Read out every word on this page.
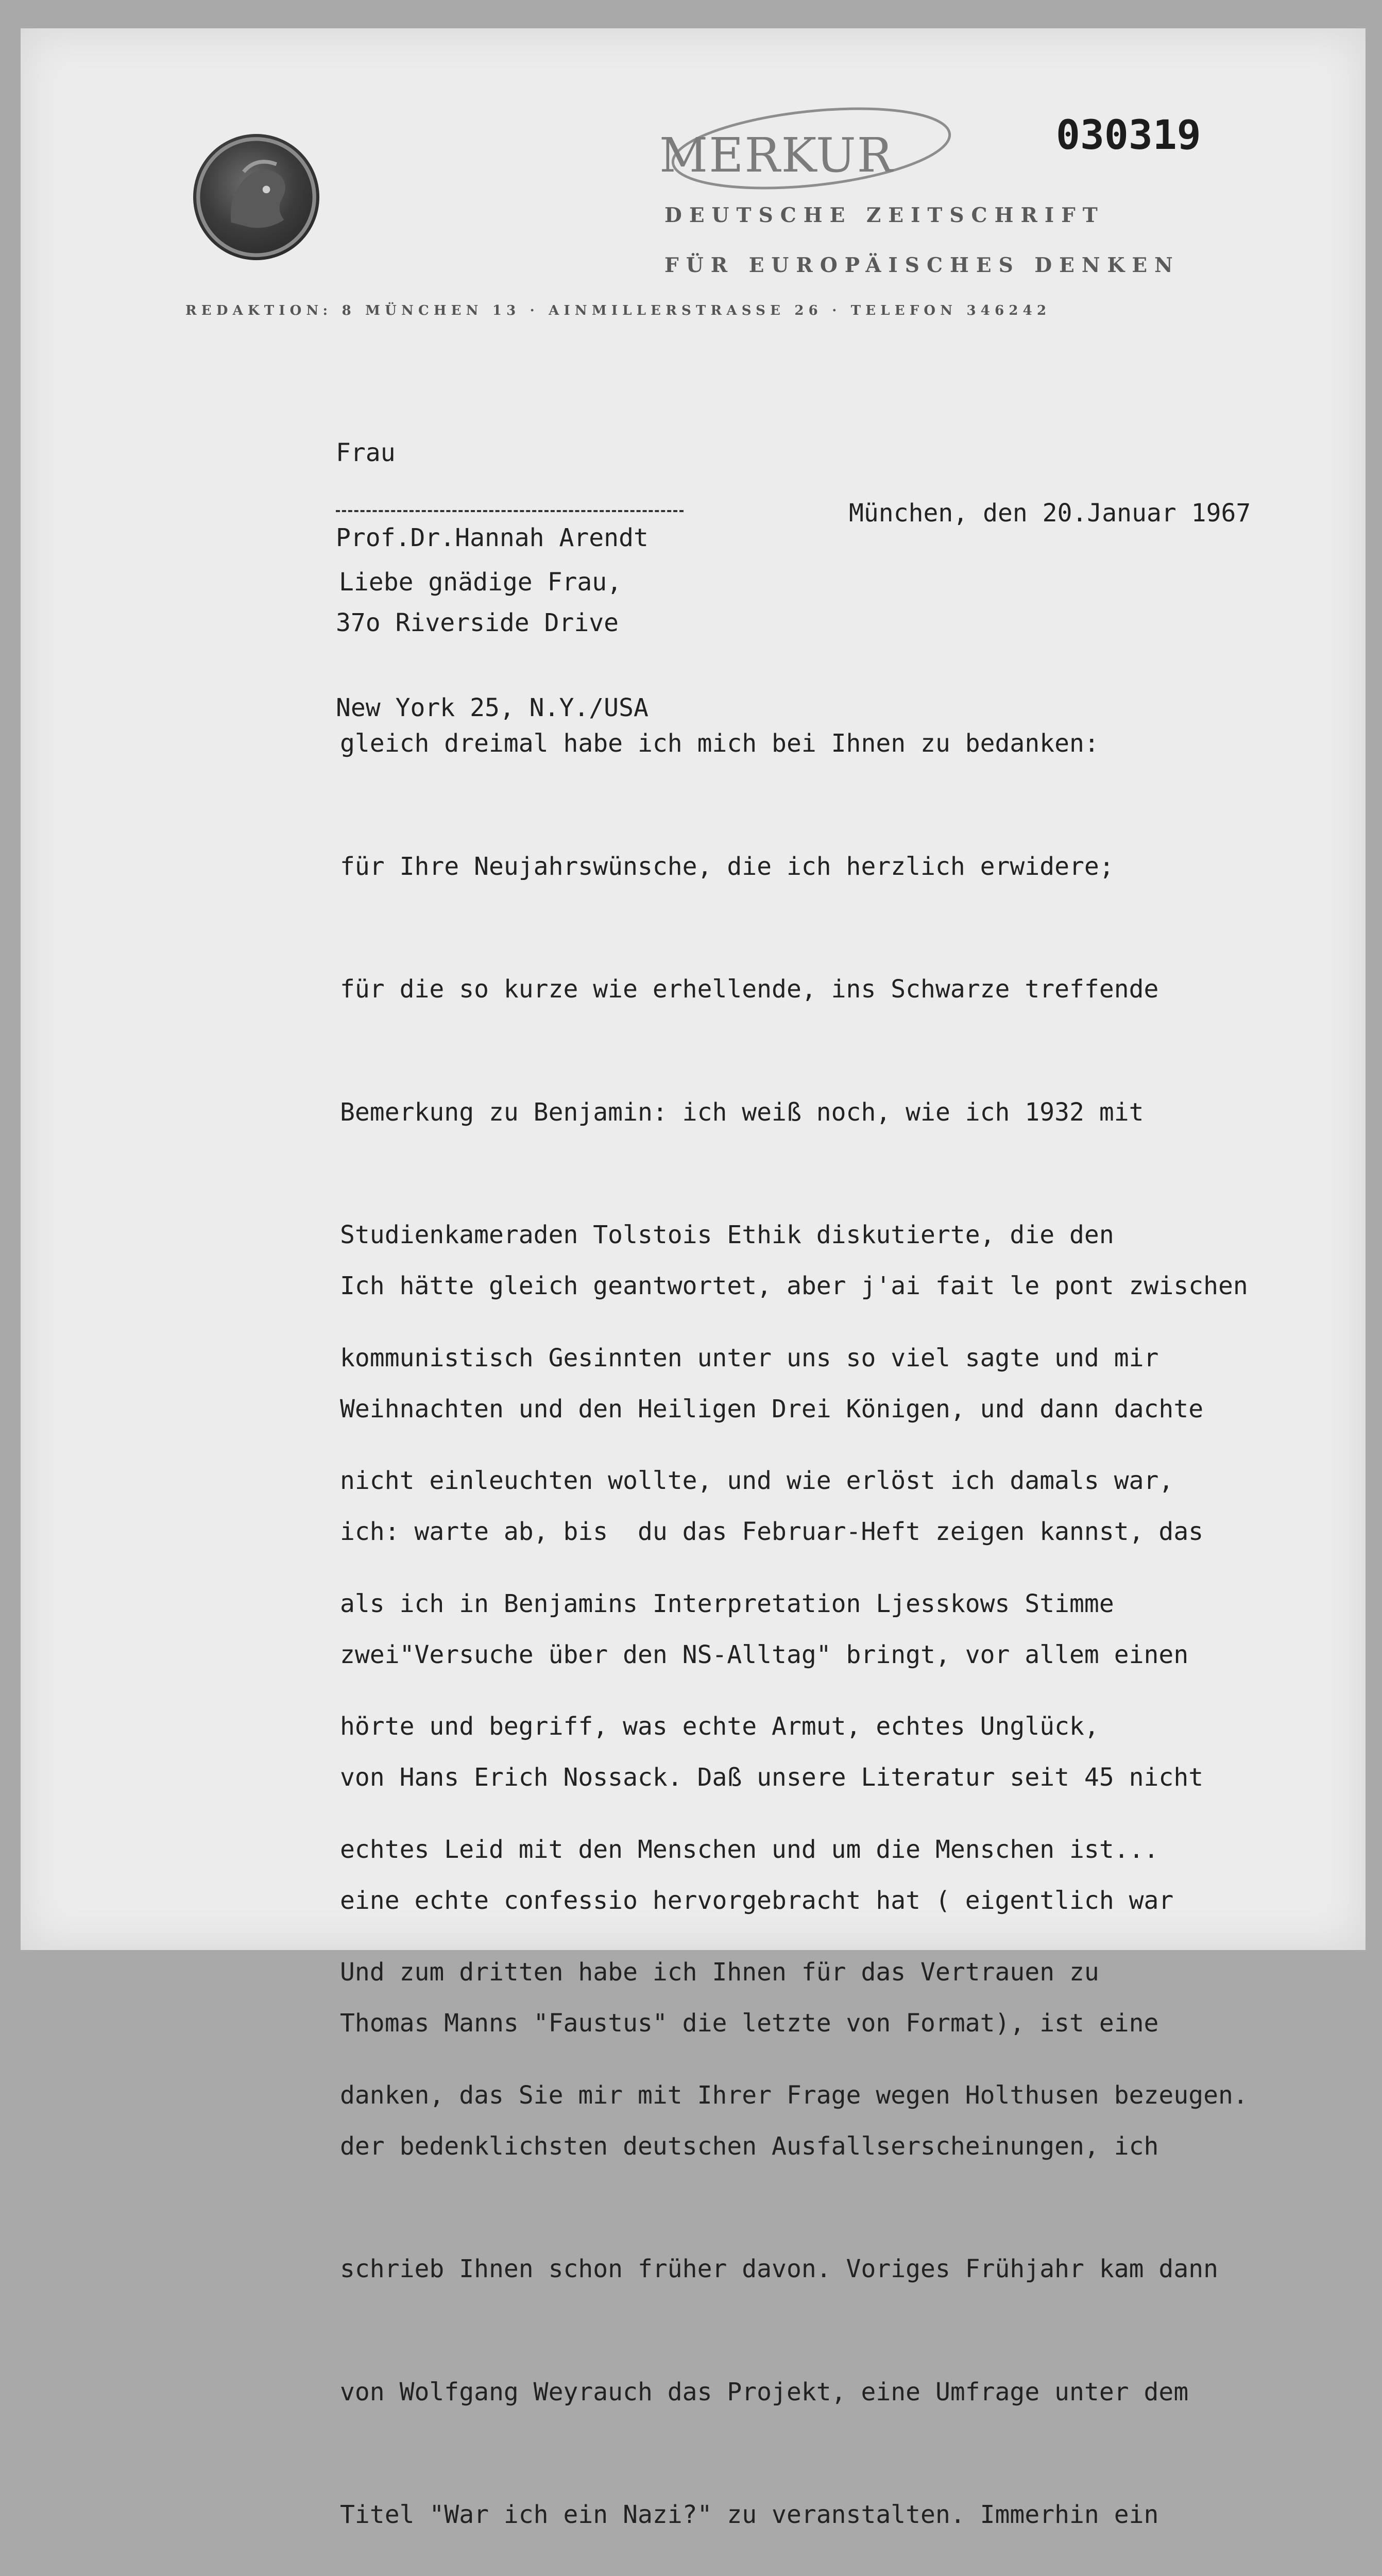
MERKUR	030319
DEUTSCHE ZEITSCHRIFT
FÜR EUROPÄISCHES DENKEN
REDAKTION: 8 MÜNCHEN 13 · AINMILLERSTRASSE 26 · TELEFON 346242

Frau

Prof.Dr.Hannah Arendt

37o Riverside Drive

New York 25, N.Y./USA

München, den 20.Januar 1967
Liebe gnädige Frau,

gleich dreimal habe ich mich bei Ihnen zu bedanken:

für Ihre Neujahrswünsche, die ich herzlich erwidere;

für die so kurze wie erhellende, ins Schwarze treffende

Bemerkung zu Benjamin: ich weiß noch, wie ich 1932 mit

Studienkameraden Tolstois Ethik diskutierte, die den

kommunistisch Gesinnten unter uns so viel sagte und mir

nicht einleuchten wollte, und wie erlöst ich damals war,

als ich in Benjamins Interpretation Ljesskows Stimme

hörte und begriff, was echte Armut, echtes Unglück,

echtes Leid mit den Menschen und um die Menschen ist...

Und zum dritten habe ich Ihnen für das Vertrauen zu

danken, das Sie mir mit Ihrer Frage wegen Holthusen bezeugen.

Ich hätte gleich geantwortet, aber j'ai fait le pont zwischen

Weihnachten und den Heiligen Drei Königen, und dann dachte

ich: warte ab, bis  du das Februar-Heft zeigen kannst, das

zwei"Versuche über den NS-Alltag" bringt, vor allem einen

von Hans Erich Nossack. Daß unsere Literatur seit 45 nicht

eine echte confessio hervorgebracht hat ( eigentlich war

Thomas Manns "Faustus" die letzte von Format), ist eine

der bedenklichsten deutschen Ausfallserscheinungen, ich

schrieb Ihnen schon früher davon. Voriges Frühjahr kam dann

von Wolfgang Weyrauch das Projekt, eine Umfrage unter dem

Titel "War ich ein Nazi?" zu veranstalten. Immerhin ein
